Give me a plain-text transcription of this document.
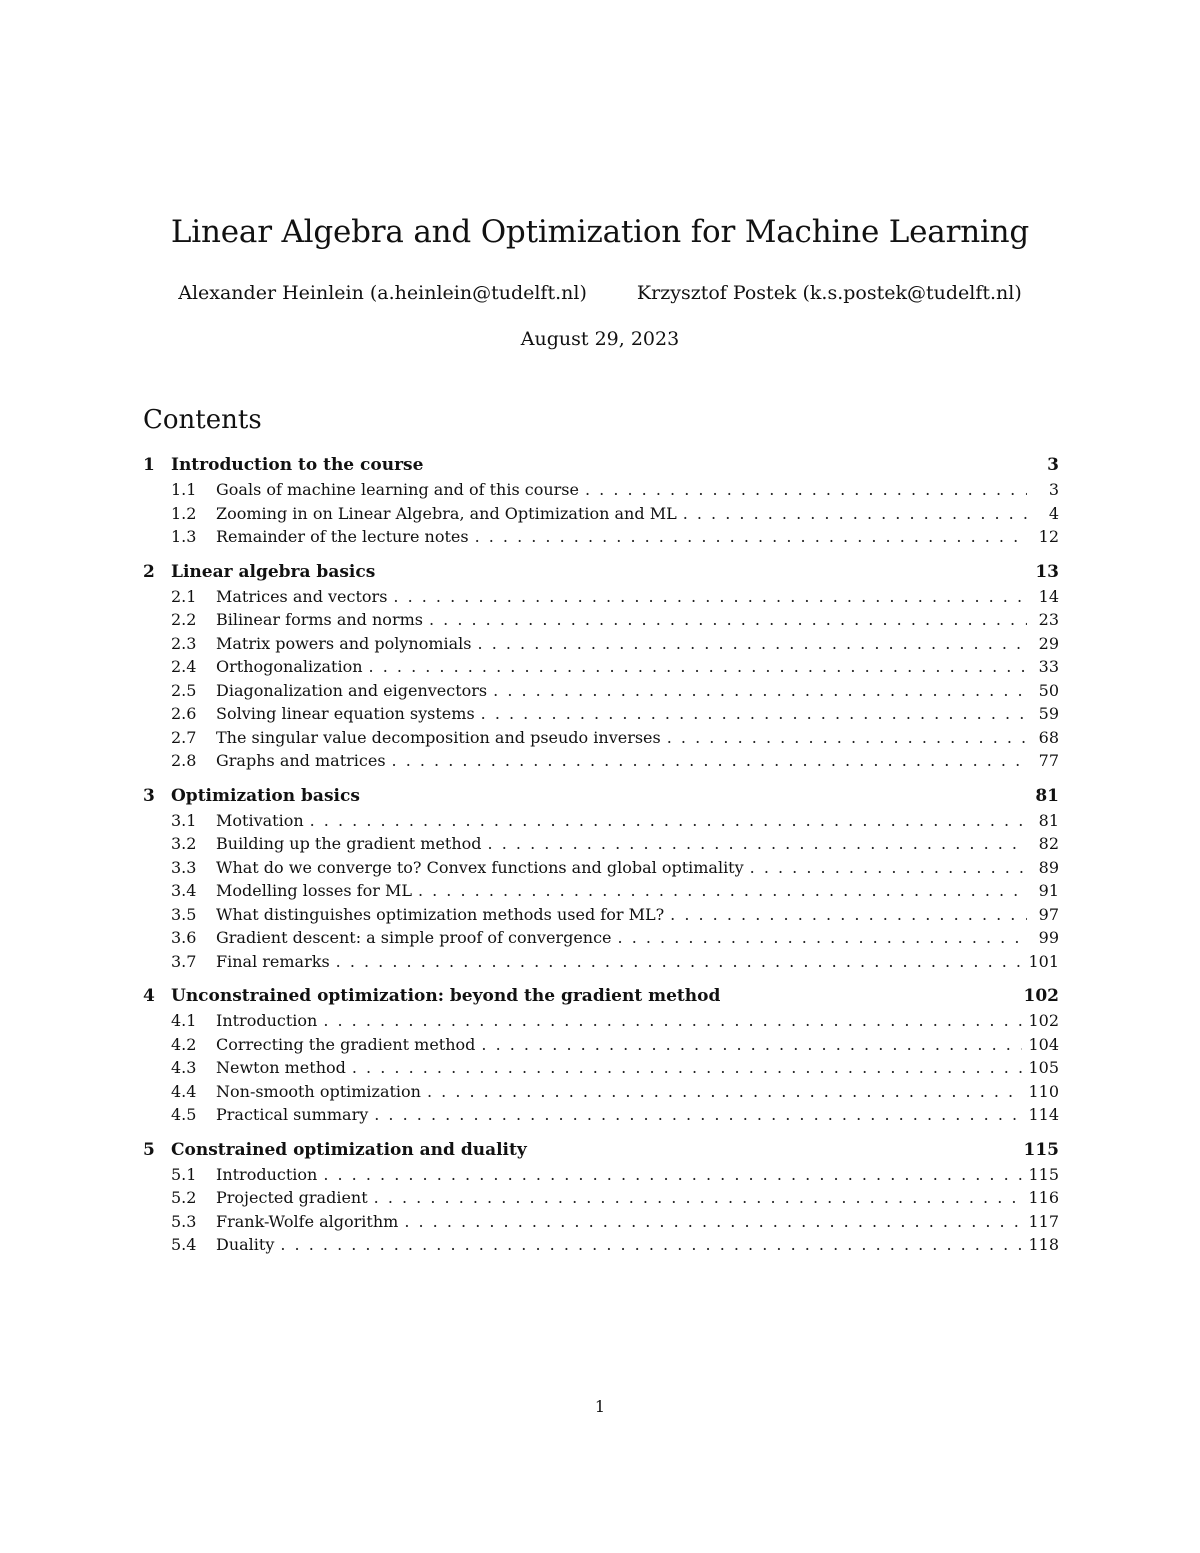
Linear Algebra and Optimization for Machine Learning
Alexander Heinlein (a.heinlein@tudelft.nl)	Krzysztof Postek (k.s.postek@tudelft.nl)
August 29, 2023
Contents
1 Introduction to the course	3
1.1	Goals of machine learning and of this course . . .	3
1.2	Zooming in on Linear Algebra, and Optimization and ML . . .	4
1.3	Remainder of the lecture notes . . .	12
2 Linear algebra basics	13
2.1	Matrices and vectors . . .	14
2.2	Bilinear forms and norms . . .	23
2.3	Matrix powers and polynomials . . .	29
2.4	Orthogonalization . . .	33
2.5	Diagonalization and eigenvectors . . .	50
2.6	Solving linear equation systems . . .	59
2.7	The singular value decomposition and pseudo inverses . . .	68
2.8	Graphs and matrices . . .	77
3 Optimization basics	81
3.1	Motivation . . .	81
3.2	Building up the gradient method . . .	82
3.3	What do we converge to? Convex functions and global optimality . . .	89
3.4	Modelling losses for ML . . .	91
3.5	What distinguishes optimization methods used for ML? . . .	97
3.6	Gradient descent: a simple proof of convergence . . .	99
3.7	Final remarks . . .	101
4 Unconstrained optimization: beyond the gradient method	102
4.1	Introduction . . .	102
4.2	Correcting the gradient method . . .	104
4.3	Newton method . . .	105
4.4	Non-smooth optimization . . .	110
4.5	Practical summary . . .	114
5 Constrained optimization and duality	115
5.1	Introduction . . .	115
5.2	Projected gradient . . .	116
5.3	Frank-Wolfe algorithm . . .	117
5.4	Duality . . .	118
1
